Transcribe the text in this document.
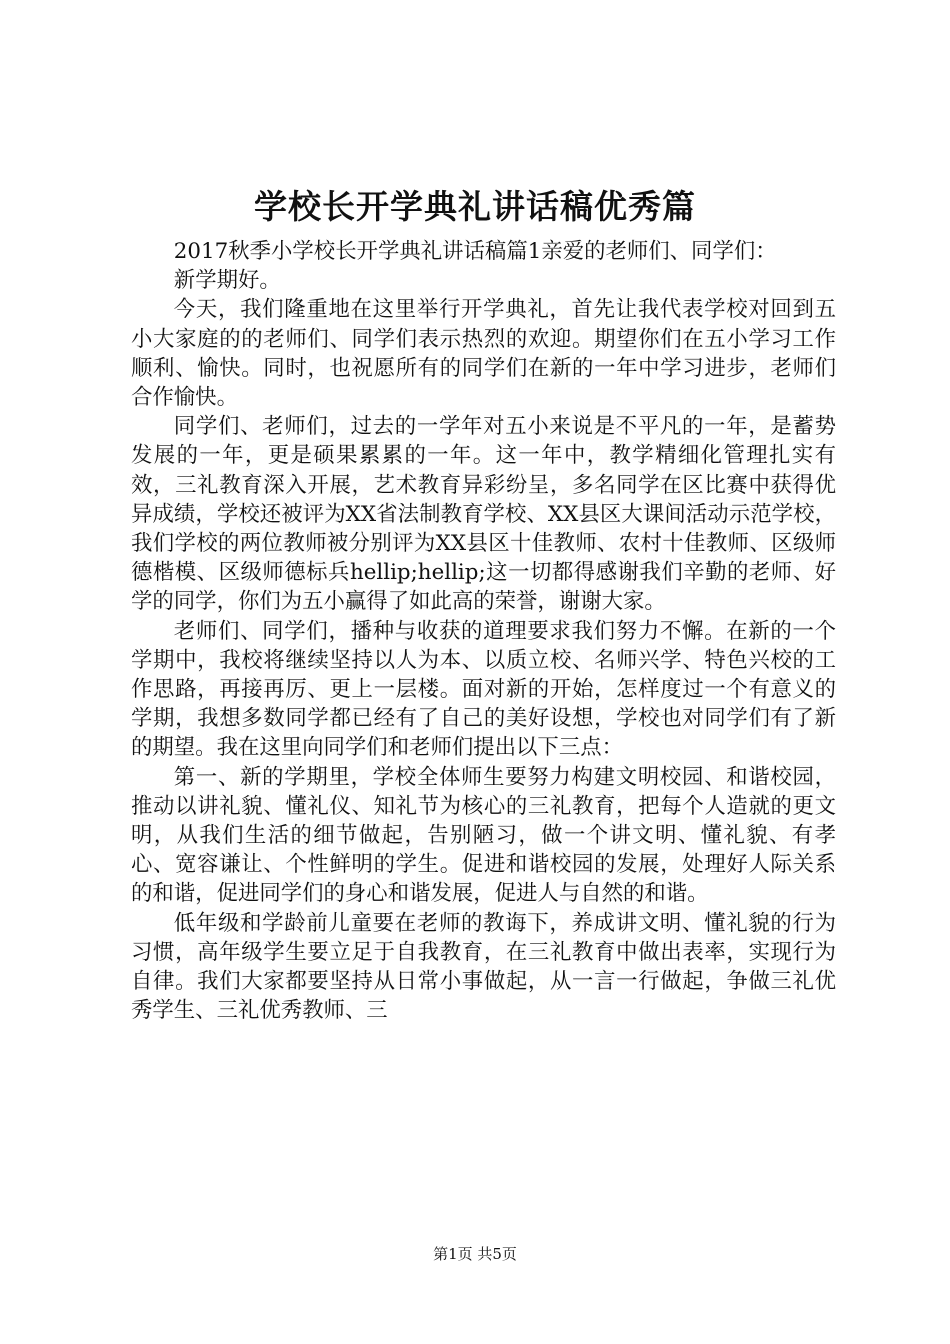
学校长开学典礼讲话稿优秀篇

2017秋季小学校长开学典礼讲话稿篇1亲爱的老师们、同学们：

新学期好。

今天，我们隆重地在这里举行开学典礼，首先让我代表学校对回到五小大家庭的的老师们、同学们表示热烈的欢迎。期望你们在五小学习工作顺利、愉快。同时，也祝愿所有的同学们在新的一年中学习进步，老师们合作愉快。

同学们、老师们，过去的一学年对五小来说是不平凡的一年，是蓄势发展的一年，更是硕果累累的一年。这一年中，教学精细化管理扎实有效，三礼教育深入开展，艺术教育异彩纷呈，多名同学在区比赛中获得优异成绩，学校还被评为XX省法制教育学校、XX县区大课间活动示范学校，我们学校的两位教师被分别评为XX县区十佳教师、农村十佳教师、区级师德楷模、区级师德标兵hellip;hellip;这一切都得感谢我们辛勤的老师、好学的同学，你们为五小赢得了如此高的荣誉，谢谢大家。

老师们、同学们，播种与收获的道理要求我们努力不懈。在新的一个学期中，我校将继续坚持以人为本、以质立校、名师兴学、特色兴校的工作思路，再接再厉、更上一层楼。面对新的开始，怎样度过一个有意义的学期，我想多数同学都已经有了自己的美好设想，学校也对同学们有了新的期望。我在这里向同学们和老师们提出以下三点：

第一、新的学期里，学校全体师生要努力构建文明校园、和谐校园，推动以讲礼貌、懂礼仪、知礼节为核心的三礼教育，把每个人造就的更文明，从我们生活的细节做起，告别陋习，做一个讲文明、懂礼貌、有孝心、宽容谦让、个性鲜明的学生。促进和谐校园的发展，处理好人际关系的和谐，促进同学们的身心和谐发展，促进人与自然的和谐。

低年级和学龄前儿童要在老师的教诲下，养成讲文明、懂礼貌的行为习惯，高年级学生要立足于自我教育，在三礼教育中做出表率，实现行为自律。我们大家都要坚持从日常小事做起，从一言一行做起，争做三礼优秀学生、三礼优秀教师、三

第1页 共5页
